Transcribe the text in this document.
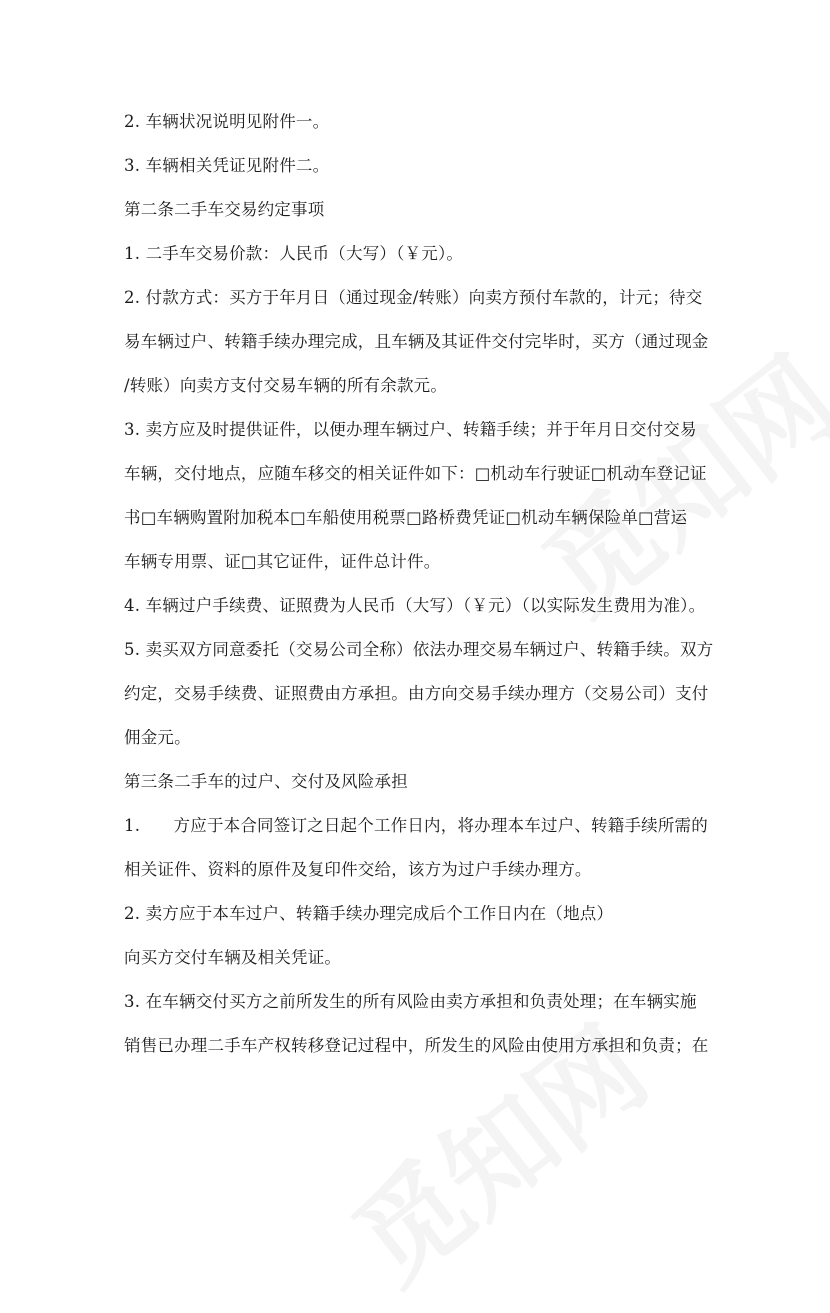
2. 车辆状况说明见附件一。
3. 车辆相关凭证见附件二。
第二条二手车交易约定事项
1. 二手车交易价款：人民币（大写）（￥元）。
2. 付款方式：买方于年月日（通过现金/转账）向卖方预付车款的，计元；待交
易车辆过户、转籍手续办理完成，且车辆及其证件交付完毕时，买方（通过现金
/转账）向卖方支付交易车辆的所有余款元。
3. 卖方应及时提供证件，以便办理车辆过户、转籍手续；并于年月日交付交易
车辆，交付地点，应随车移交的相关证件如下：□机动车行驶证□机动车登记证
书□车辆购置附加税本□车船使用税票□路桥费凭证□机动车辆保险单□营运
车辆专用票、证□其它证件，证件总计件。
4. 车辆过户手续费、证照费为人民币（大写）（￥元）（以实际发生费用为准）。
5. 卖买双方同意委托（交易公司全称）依法办理交易车辆过户、转籍手续。双方
约定，交易手续费、证照费由方承担。由方向交易手续办理方（交易公司）支付
佣金元。
第三条二手车的过户、交付及风险承担
1.　　方应于本合同签订之日起个工作日内，将办理本车过户、转籍手续所需的
相关证件、资料的原件及复印件交给，该方为过户手续办理方。
2. 卖方应于本车过户、转籍手续办理完成后个工作日内在（地点）
向买方交付车辆及相关凭证。
3. 在车辆交付买方之前所发生的所有风险由卖方承担和负责处理；在车辆实施
销售已办理二手车产权转移登记过程中，所发生的风险由使用方承担和负责；在
